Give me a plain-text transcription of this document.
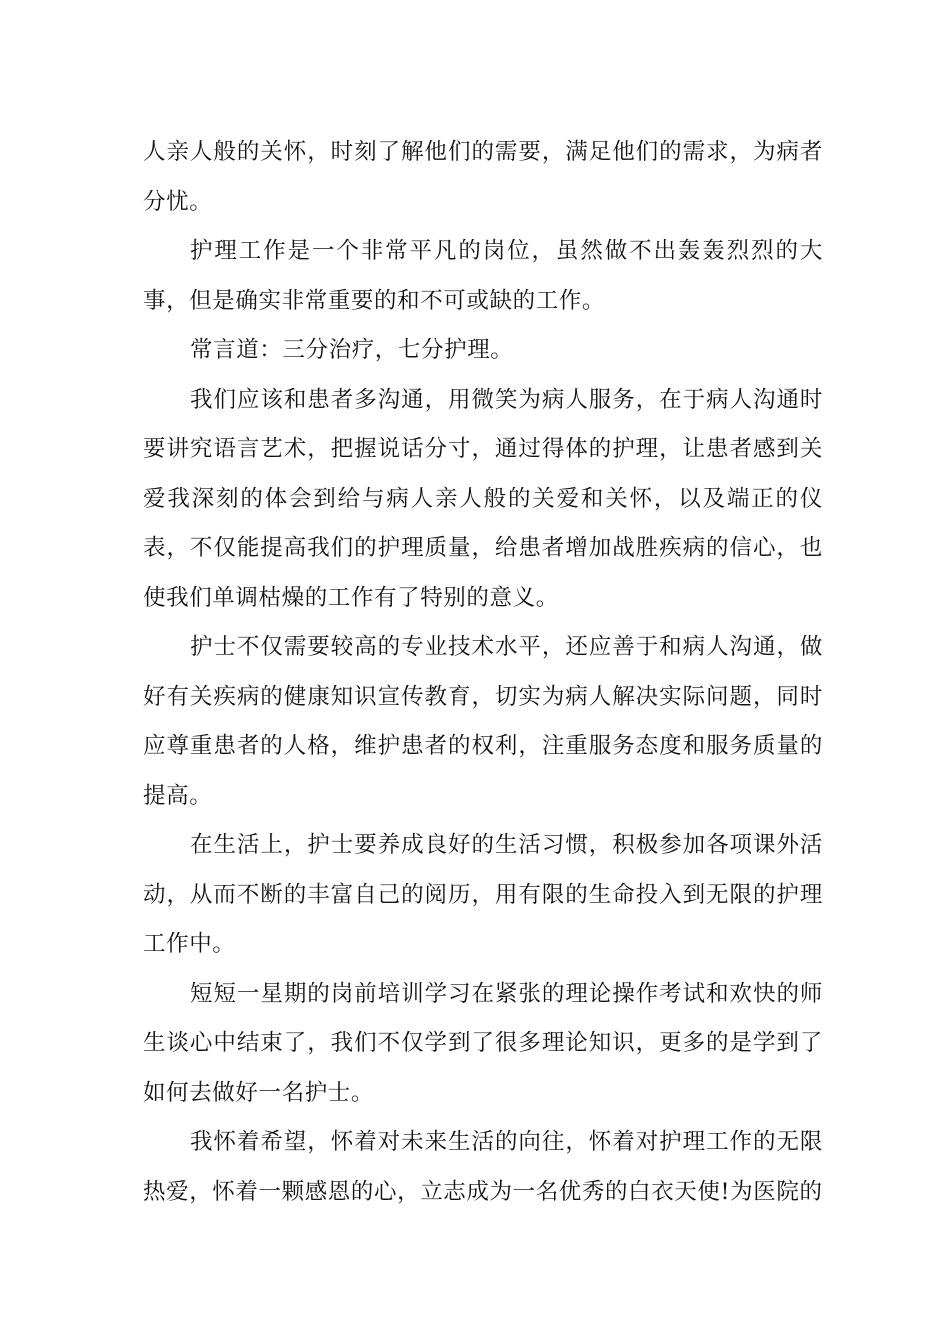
人亲人般的关怀，时刻了解他们的需要，满足他们的需求，为病者分忧。

护理工作是一个非常平凡的岗位，虽然做不出轰轰烈烈的大事，但是确实非常重要的和不可或缺的工作。

常言道：三分治疗，七分护理。

我们应该和患者多沟通，用微笑为病人服务，在于病人沟通时要讲究语言艺术，把握说话分寸，通过得体的护理，让患者感到关爱我深刻的体会到给与病人亲人般的关爱和关怀，以及端正的仪表，不仅能提高我们的护理质量，给患者增加战胜疾病的信心，也使我们单调枯燥的工作有了特别的意义。

护士不仅需要较高的专业技术水平，还应善于和病人沟通，做好有关疾病的健康知识宣传教育，切实为病人解决实际问题，同时应尊重患者的人格，维护患者的权利，注重服务态度和服务质量的提高。

在生活上，护士要养成良好的生活习惯，积极参加各项课外活动，从而不断的丰富自己的阅历，用有限的生命投入到无限的护理工作中。

短短一星期的岗前培训学习在紧张的理论操作考试和欢快的师生谈心中结束了，我们不仅学到了很多理论知识，更多的是学到了如何去做好一名护士。

我怀着希望，怀着对未来生活的向往，怀着对护理工作的无限热爱，怀着一颗感恩的心，立志成为一名优秀的白衣天使!为医院的
